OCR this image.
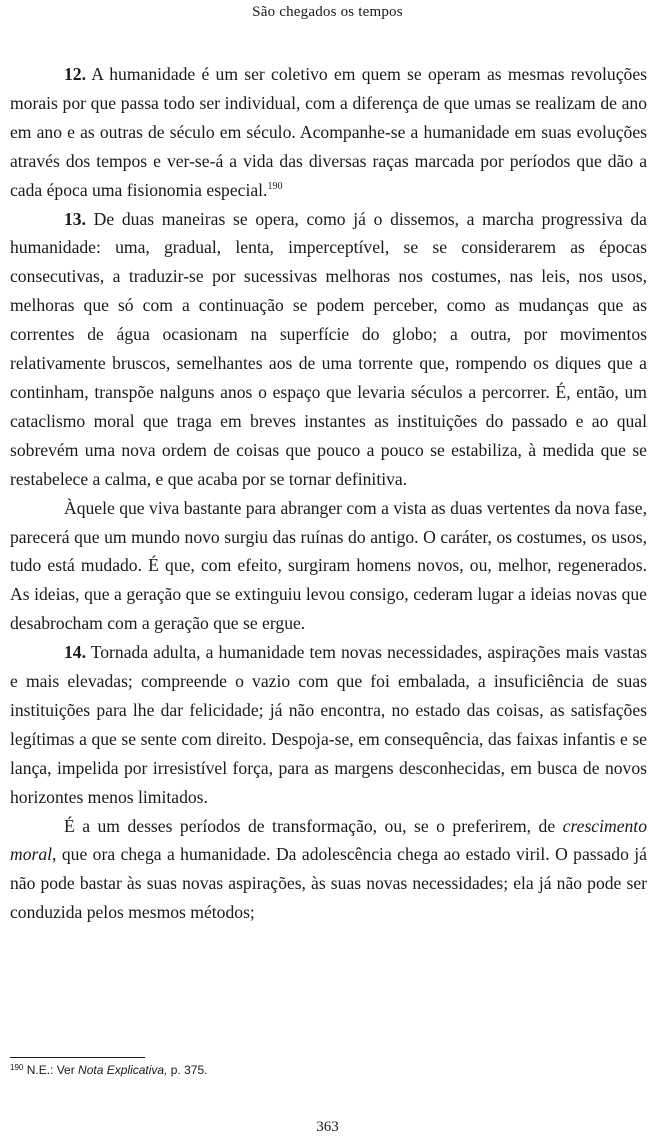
São chegados os tempos

12. A humanidade é um ser coletivo em quem se operam as mesmas revoluções morais por que passa todo ser individual, com a diferença de que umas se realizam de ano em ano e as outras de século em século. Acompanhe-se a humanidade em suas evoluções através dos tempos e ver-se-á a vida das diversas raças marcada por períodos que dão a cada época uma fisionomia especial.$^{190}$

13. De duas maneiras se opera, como já o dissemos, a marcha progressiva da humanidade: uma, gradual, lenta, imperceptível, se se considerarem as épocas consecutivas, a traduzir-se por sucessivas melhoras nos costumes, nas leis, nos usos, melhoras que só com a continuação se podem perceber, como as mudanças que as correntes de água ocasionam na superfície do globo; a outra, por movimentos relativamente bruscos, semelhantes aos de uma torrente que, rompendo os diques que a continham, transpõe nalguns anos o espaço que levaria séculos a percorrer. É, então, um cataclismo moral que traga em breves instantes as instituições do passado e ao qual sobrevém uma nova ordem de coisas que pouco a pouco se estabiliza, à medida que se restabelece a calma, e que acaba por se tornar definitiva.

Àquele que viva bastante para abranger com a vista as duas vertentes da nova fase, parecerá que um mundo novo surgiu das ruínas do antigo. O caráter, os costumes, os usos, tudo está mudado. É que, com efeito, surgiram homens novos, ou, melhor, regenerados. As ideias, que a geração que se extinguiu levou consigo, cederam lugar a ideias novas que desabrocham com a geração que se ergue.

14. Tornada adulta, a humanidade tem novas necessidades, aspirações mais vastas e mais elevadas; compreende o vazio com que foi embalada, a insuficiência de suas instituições para lhe dar felicidade; já não encontra, no estado das coisas, as satisfações legítimas a que se sente com direito. Despoja-se, em consequência, das faixas infantis e se lança, impelida por irresistível força, para as margens desconhecidas, em busca de novos horizontes menos limitados.

É a um desses períodos de transformação, ou, se o preferirem, de crescimento moral, que ora chega a humanidade. Da adolescência chega ao estado viril. O passado já não pode bastar às suas novas aspirações, às suas novas necessidades; ela já não pode ser conduzida pelos mesmos métodos;

$^{190}$ N.E.: Ver Nota Explicativa, p. 375.
363
